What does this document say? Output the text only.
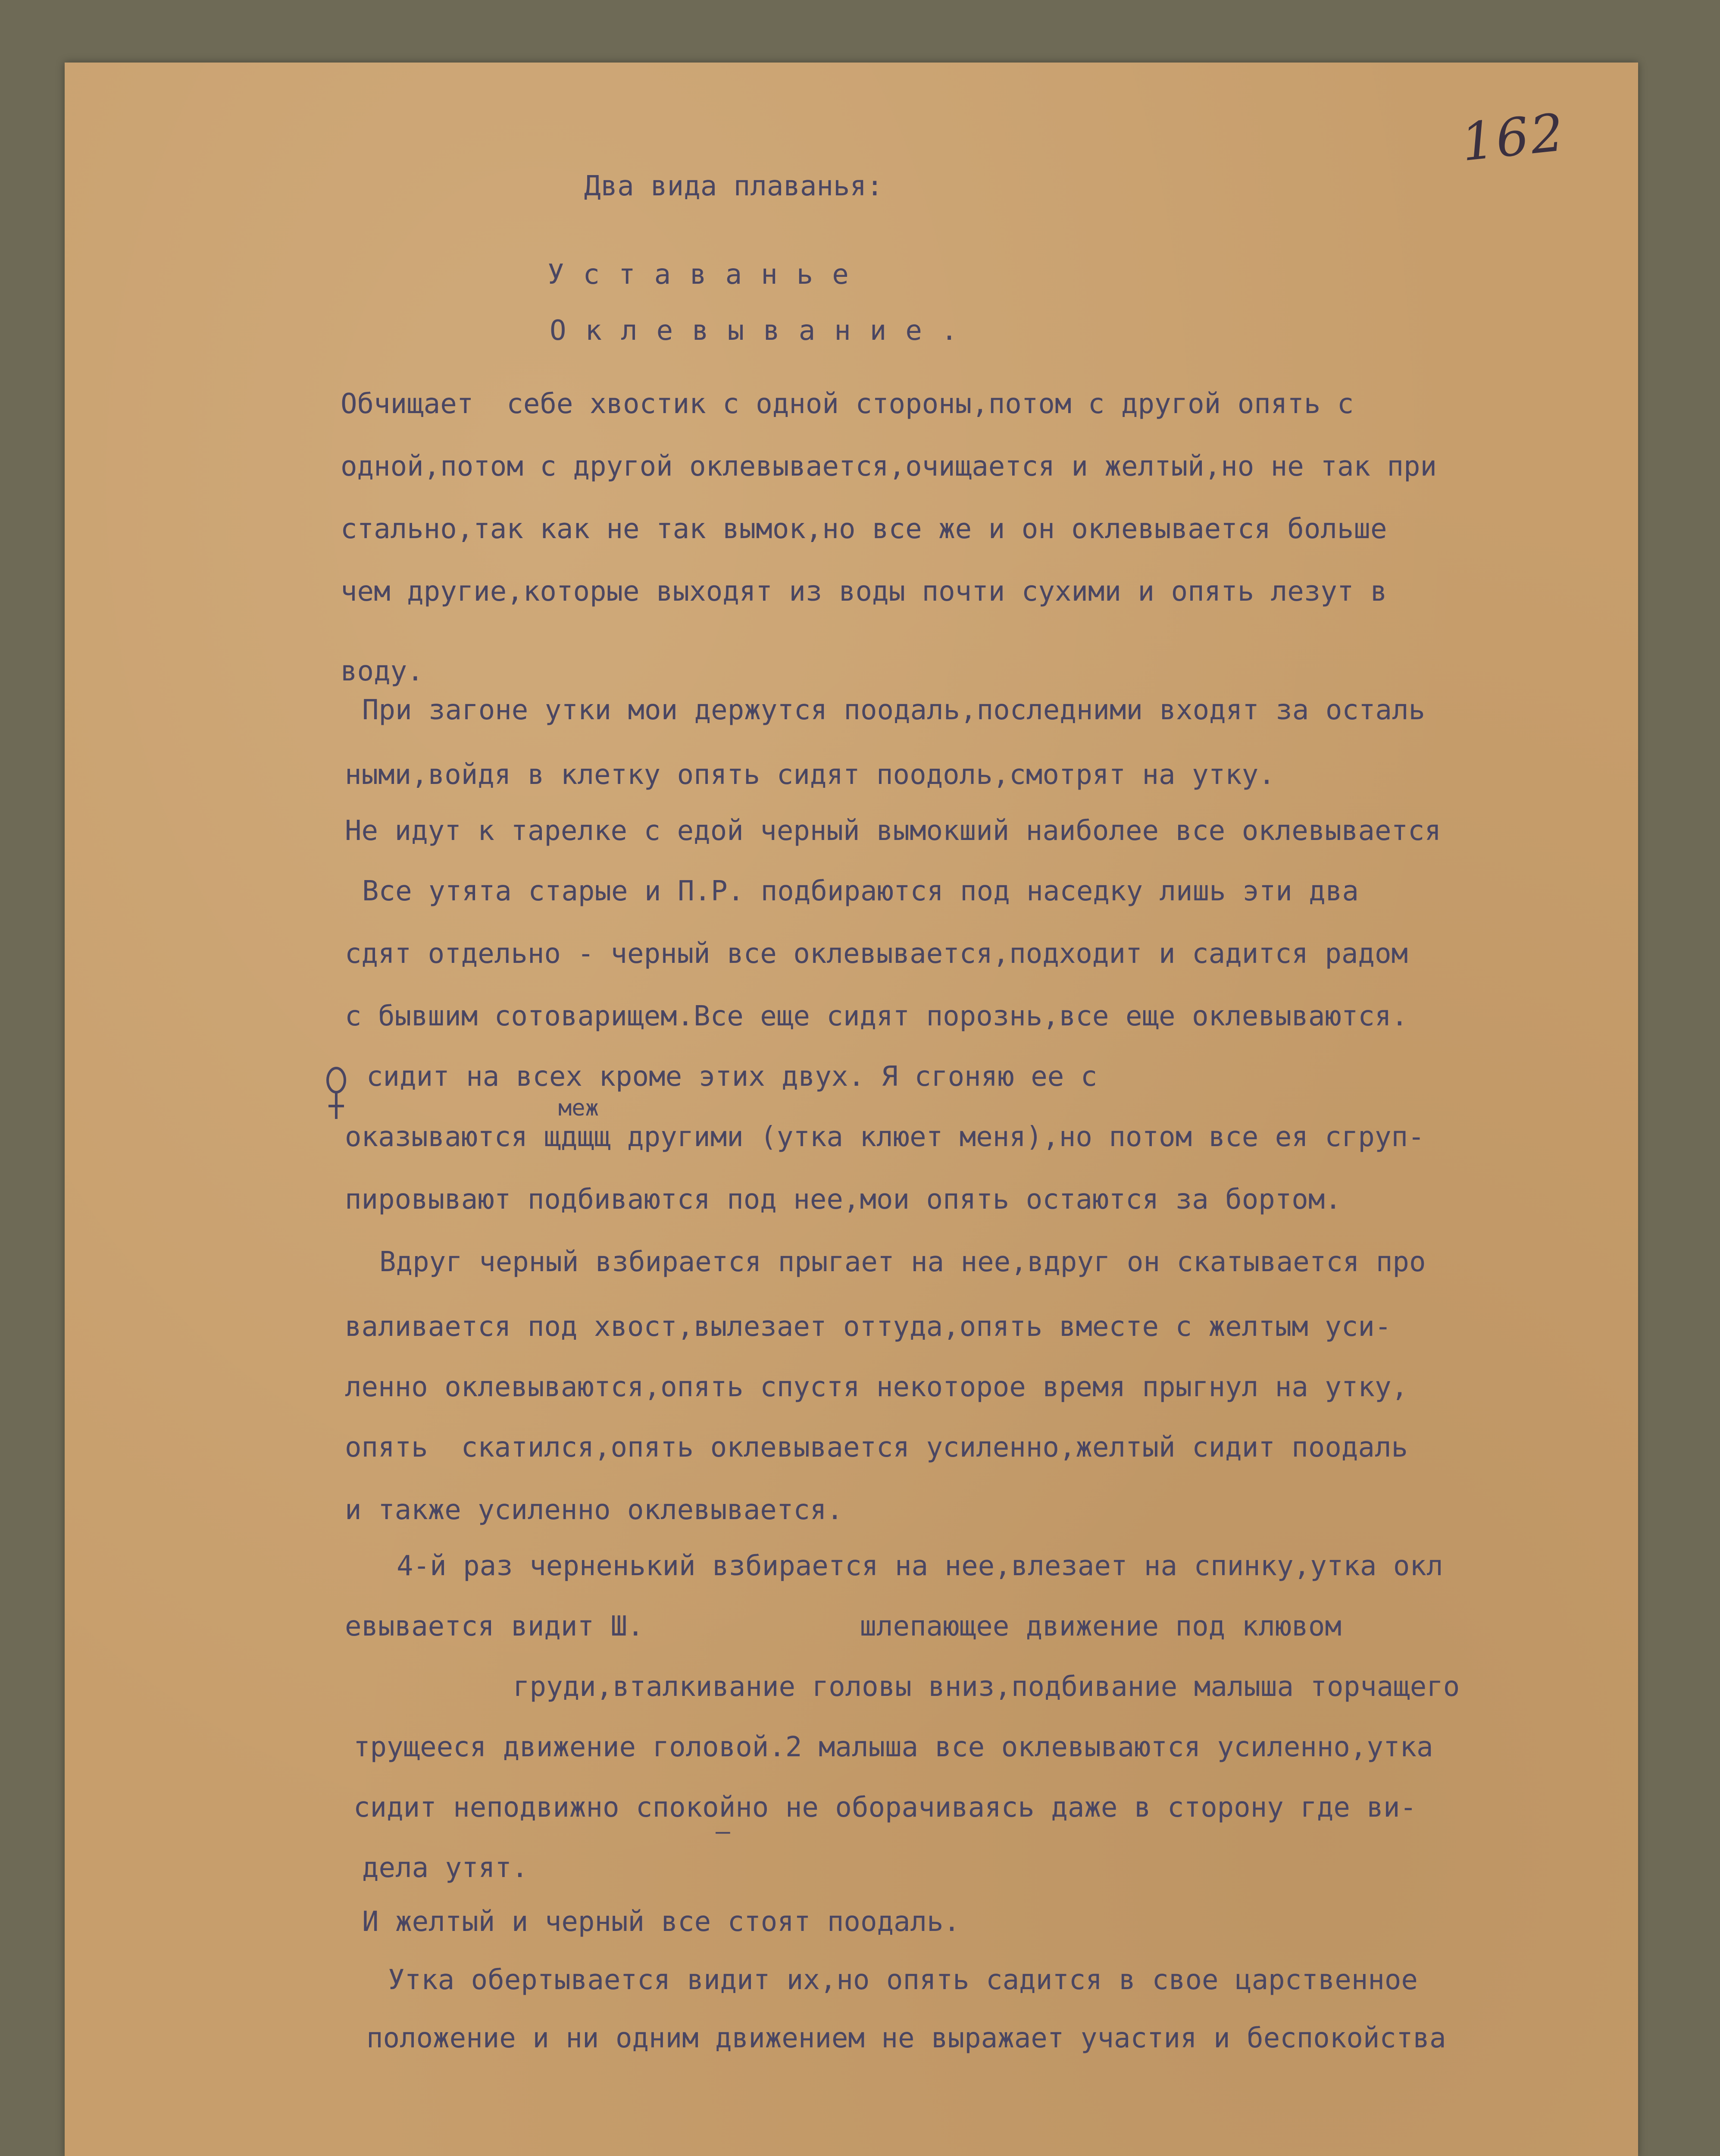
162
Два вида плаванья:
Уставанье
Оклевывание.
Обчищает  себе хвостик с одной стороны,потом с другой опять с
одной,потом с другой оклевывается,очищается и желтый,но не так при
стально,так как не так вымок,но все же и он оклевывается больше
чем другие,которые выходят из воды почти сухими и опять лезут в
воду.
При загоне утки мои держутся поодаль,последними входят за осталь
ными,войдя в клетку опять сидят поодоль,смотрят на утку.
Не идут к тарелке с едой черный вымокший наиболее все оклевывается
Все утята старые и П.Р. подбираются под наседку лишь эти два
сдят отдельно - черный все оклевывается,подходит и садится радом
с бывшим сотоварищем.Все еще сидят порознь,все еще оклевываются.
сидит на всех кроме этих двух. Я сгоняю ее с
меж
оказываются щдщщ другими (утка клюет меня),но потом все ея сгруп-
пировывают подбиваются под нее,мои опять остаются за бортом.
Вдруг черный взбирается прыгает на нее,вдруг он скатывается про
валивается под хвост,вылезает оттуда,опять вместе с желтым уси-
ленно оклевываются,опять спустя некоторое время прыгнул на утку,
опять  скатился,опять оклевывается усиленно,желтый сидит поодаль
и также усиленно оклевывается.
4-й раз черненький взбирается на нее,влезает на спинку,утка окл
евывается видит Ш.             шлепающее движение под клювом
груди,вталкивание головы вниз,подбивание малыша торчащего
трущееся движение головой.2 малыша все оклевываются усиленно,утка
сидит неподвижно спокойно не оборачиваясь даже в сторону где ви-
дела утят.
—
И желтый и черный все стоят поодаль.
Утка обертывается видит их,но опять садится в свое царственное
положение и ни одним движением не выражает участия и беспокойства
